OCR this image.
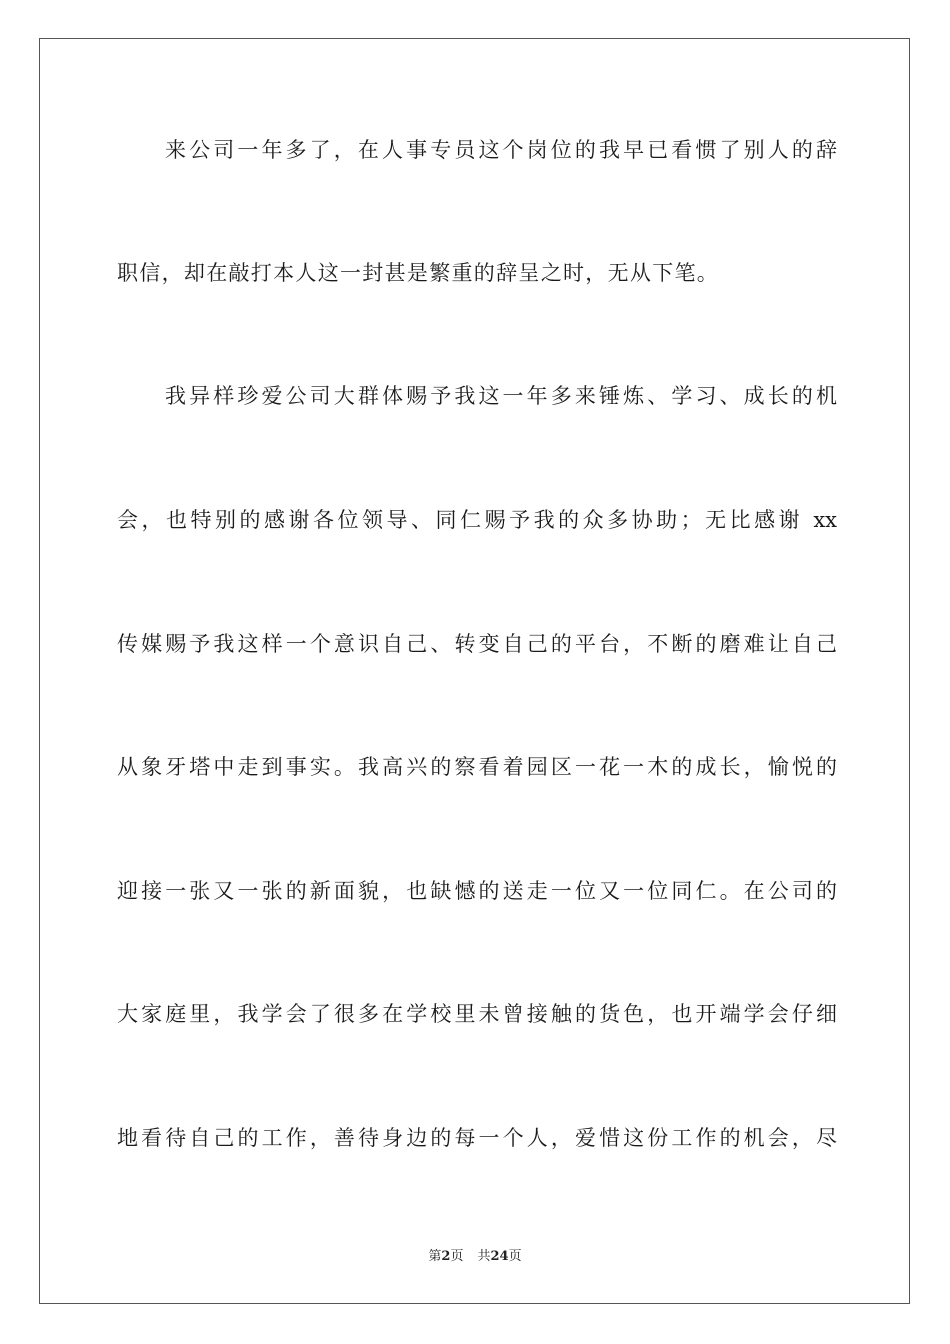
来公司一年多了，在人事专员这个岗位的我早已看惯了别人的辞
职信，却在敲打本人这一封甚是繁重的辞呈之时，无从下笔。
我异样珍爱公司大群体赐予我这一年多来锤炼、学习、成长的机
会，也特别的感谢各位领导、同仁赐予我的众多协助；无比感谢 xx
传媒赐予我这样一个意识自己、转变自己的平台，不断的磨难让自己
从象牙塔中走到事实。我高兴的察看着园区一花一木的成长，愉悦的
迎接一张又一张的新面貌，也缺憾的送走一位又一位同仁。在公司的
大家庭里，我学会了很多在学校里未曾接触的货色，也开端学会仔细
地看待自己的工作，善待身边的每一个人，爱惜这份工作的机会，尽
第2页 共24页
